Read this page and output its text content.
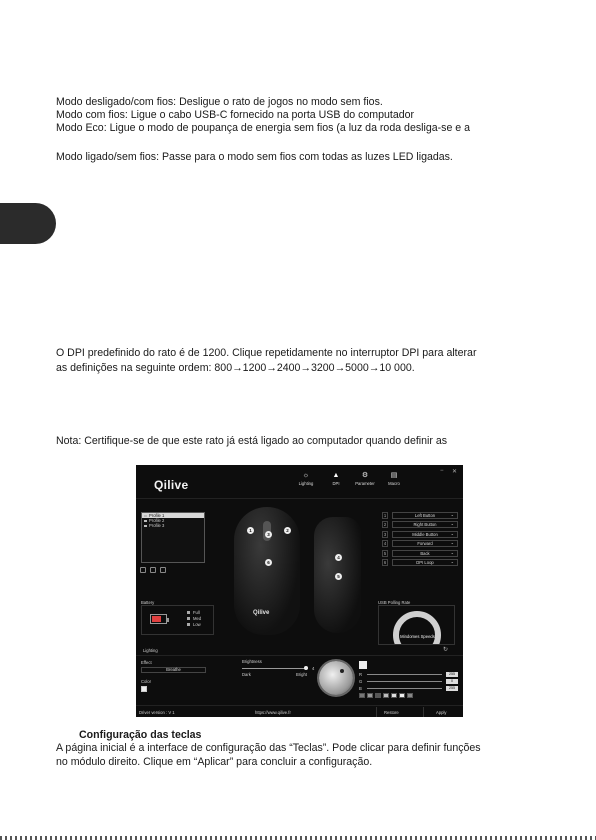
Modo desligado/com fios: Desligue o rato de jogos no modo sem fios.
Modo com fios: Ligue o cabo USB-C fornecido na porta USB do computador
Modo Eco: Ligue o modo de poupança de energia sem fios (a luz da roda desliga-se e a
Modo ligado/sem fios: Passe para o modo sem fios com todas as luzes LED ligadas.
O DPI predefinido do rato é de 1200. Clique repetidamente no interruptor DPI para alterar
as definições na seguinte ordem: 800→1200→2400→3200→5000→10 000.
Nota: Certifique-se de que este rato já está ligado ao computador quando definir as
Qilive
☼
Lighting
▲
DPI
⚙
Parameter
▤
Macro
− ✕
Profile 1
Profile 2
Profile 3
Battery
Full
Med
Low
Qilive
1	2
3
6
4
5
1	Left Button ⌄
2	Right Button ⌄
3	Middle Button ⌄
4	Forward ⌄
5	Back ⌄
6	DPI Loop ⌄
USB Polling Rate
Mindomes Speeds
Lighting	↻
Effect
Breathe
Color
Brightness
4
Dark	Bright	R	255
G	0
B	255
Driver version : V 1	https://www.qilive.fr	Restore	Apply
Configuração das teclas
A página inicial é a interface de configuração das “Teclas”. Pode clicar para definir funções
no módulo direito. Clique em “Aplicar” para concluir a configuração.
